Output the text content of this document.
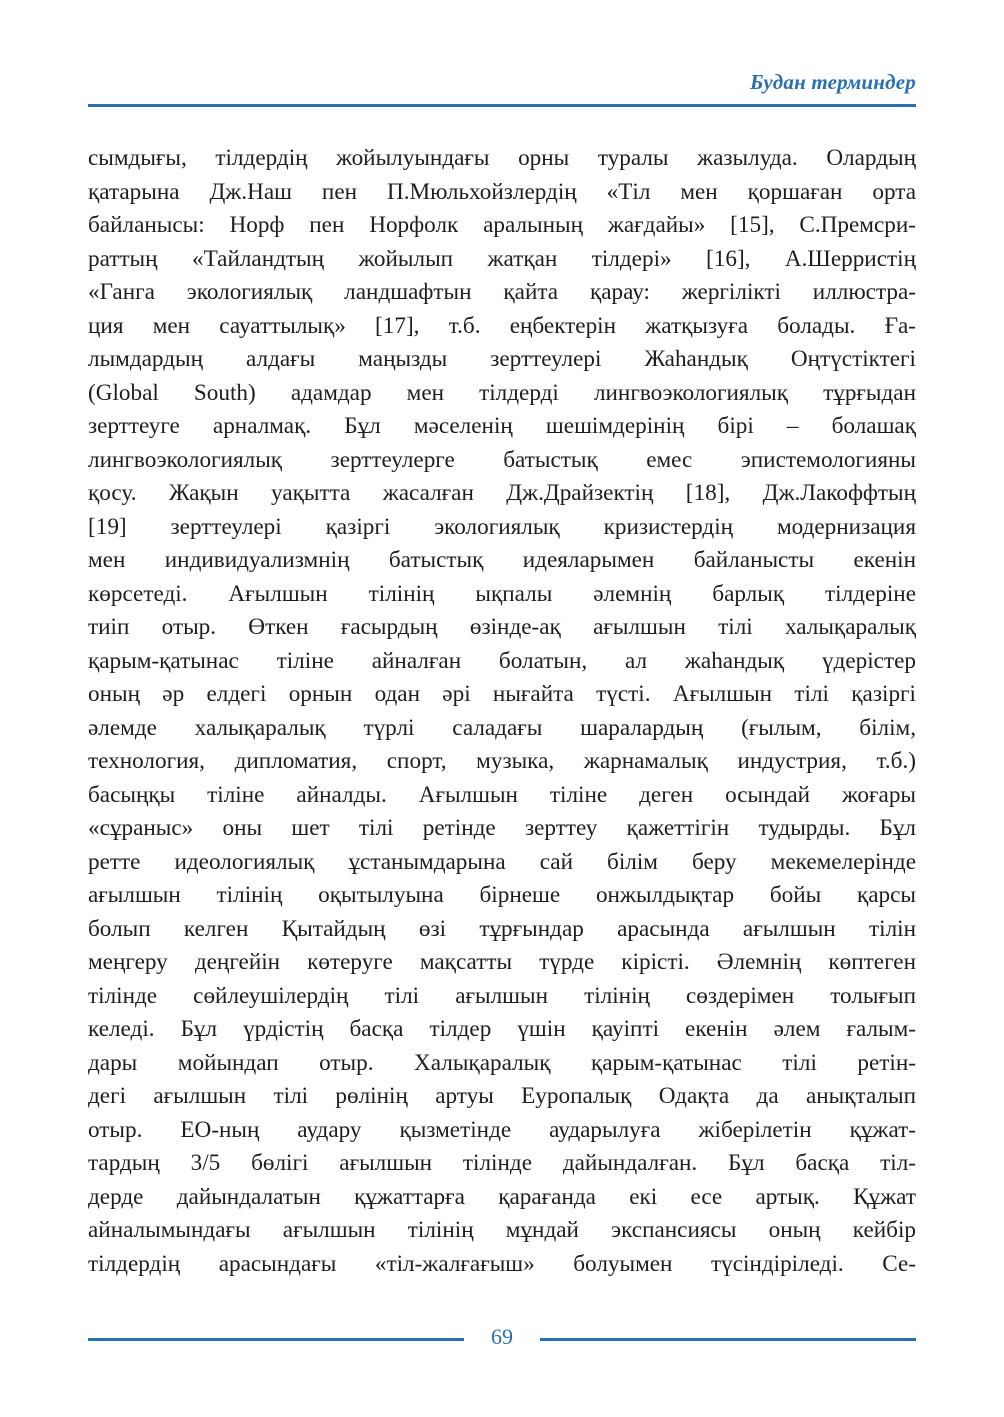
Будан терминдер
сымдығы, тілдердің жойылуындағы орны туралы жазылуда. Олардың
қатарына Дж.Наш пен П.Мюльхойзлердің «Тіл мен қоршаған орта
байланысы: Норф пен Норфолк аралының жағдайы» [15], С.Премсри-
раттың «Тайландтың жойылып жатқан тілдері» [16], А.Шерристің
«Ганга экологиялық ландшафтын қайта қарау: жергілікті иллюстра-
ция мен сауаттылық» [17], т.б. еңбектерін жатқызуға болады. Ға-
лымдардың алдағы маңызды зерттеулері Жаһандық Оңтүстіктегі
(Global South) адамдар мен тілдерді лингвоэкологиялық тұрғыдан
зерттеуге арналмақ. Бұл мәселенің шешімдерінің бірі – болашақ
лингвоэкологиялық зерттеулерге батыстық емес эпистемологияны
қосу. Жақын уақытта жасалған Дж.Драйзектің [18], Дж.Лакоффтың
[19] зерттеулері қазіргі экологиялық кризистердің модернизация
мен индивидуализмнің батыстық идеяларымен байланысты екенін
көрсетеді. Ағылшын тілінің ықпалы әлемнің барлық тілдеріне
тиіп отыр. Өткен ғасырдың өзінде-ақ ағылшын тілі халықаралық
қарым-қатынас тіліне айналған болатын, ал жаһандық үдерістер
оның әр елдегі орнын одан әрі нығайта түсті. Ағылшын тілі қазіргі
әлемде халықаралық түрлі саладағы шаралардың (ғылым, білім,
технология, дипломатия, спорт, музыка, жарнамалық индустрия, т.б.)
басыңқы тіліне айналды. Ағылшын тіліне деген осындай жоғары
«сұраныс» оны шет тілі ретінде зерттеу қажеттігін тудырды. Бұл
ретте идеологиялық ұстанымдарына сай білім беру мекемелерінде
ағылшын тілінің оқытылуына бірнеше онжылдықтар бойы қарсы
болып келген Қытайдың өзі тұрғындар арасында ағылшын тілін
меңгеру деңгейін көтеруге мақсатты түрде кірісті. Әлемнің көптеген
тілінде сөйлеушілердің тілі ағылшын тілінің сөздерімен толығып
келеді. Бұл үрдістің басқа тілдер үшін қауіпті екенін әлем ғалым-
дары мойындап отыр. Халықаралық қарым-қатынас тілі ретін-
дегі ағылшын тілі рөлінің артуы Еуропалық Одақта да анықталып
отыр. ЕО-ның аудару қызметінде аударылуға жіберілетін құжат-
тардың 3/5 бөлігі ағылшын тілінде дайындалған. Бұл басқа тіл-
дерде дайындалатын құжаттарға қарағанда екі есе артық. Құжат
айналымындағы ағылшын тілінің мұндай экспансиясы оның кейбір
тілдердің арасындағы «тіл-жалғағыш» болуымен түсіндіріледі. Се-
69
